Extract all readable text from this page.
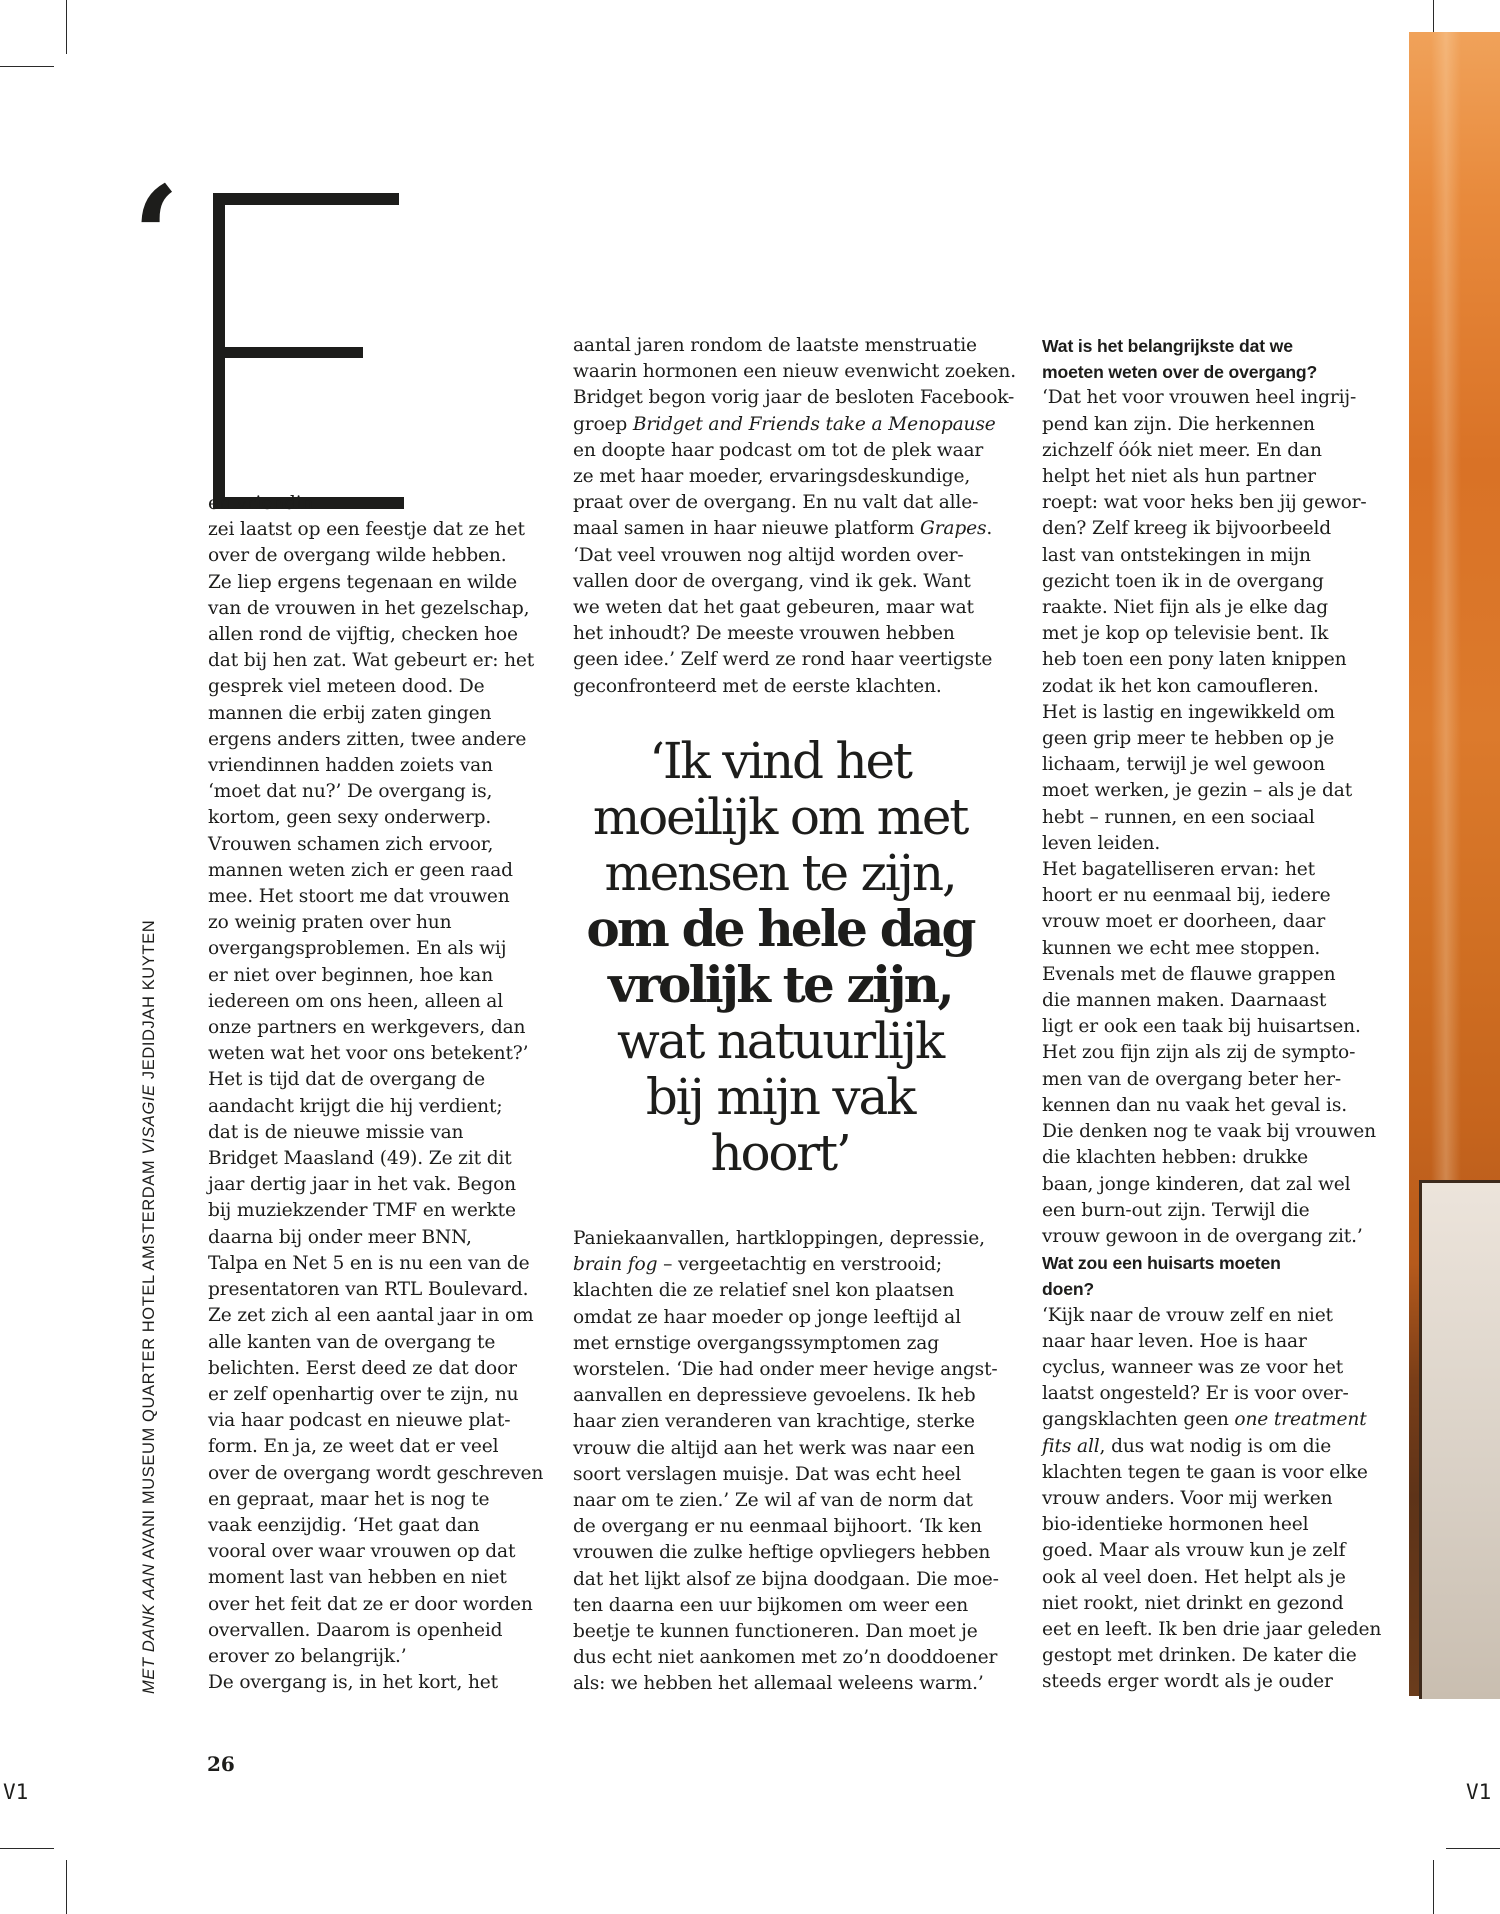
MET DANK AAN AVANI MUSEUM QUARTER HOTEL AMSTERDAM VISAGIE JEDIDJAH KUYTEN
‘

en vriendin

zei laatst op een feestje dat ze het

over de overgang wilde hebben.

Ze liep ergens tegenaan en wilde

van de vrouwen in het gezelschap,

allen rond de vijftig, checken hoe

dat bij hen zat. Wat gebeurt er: het

gesprek viel meteen dood. De

mannen die erbij zaten gingen

ergens anders zitten, twee andere

vriendinnen hadden zoiets van

‘moet dat nu?’ De overgang is,

kortom, geen sexy onderwerp.

Vrouwen schamen zich ervoor,

mannen weten zich er geen raad

mee. Het stoort me dat vrouwen

zo weinig praten over hun

overgangsproblemen. En als wij

er niet over beginnen, hoe kan

iedereen om ons heen, alleen al

onze partners en werkgevers, dan

weten wat het voor ons betekent?’

Het is tijd dat de overgang de

aandacht krijgt die hij verdient;

dat is de nieuwe missie van

Bridget Maasland (49). Ze zit dit

jaar dertig jaar in het vak. Begon

bij muziekzender TMF en werkte

daarna bij onder meer BNN,

Talpa en Net 5 en is nu een van de

presentatoren van RTL Boulevard.

Ze zet zich al een aantal jaar in om

alle kanten van de overgang te

belichten. Eerst deed ze dat door

er zelf openhartig over te zijn, nu

via haar podcast en nieuwe plat-

form. En ja, ze weet dat er veel

over de overgang wordt geschreven

en gepraat, maar het is nog te

vaak eenzijdig. ‘Het gaat dan

vooral over waar vrouwen op dat

moment last van hebben en niet

over het feit dat ze er door worden

overvallen. Daarom is openheid

erover zo belangrijk.’

De overgang is, in het kort, het

aantal jaren rondom de laatste menstruatie

waarin hormonen een nieuw evenwicht zoeken.

Bridget begon vorig jaar de besloten Facebook-

groep Bridget and Friends take a Menopause

en doopte haar podcast om tot de plek waar

ze met haar moeder, ervaringsdeskundige,

praat over de overgang. En nu valt dat alle-

maal samen in haar nieuwe platform Grapes.

‘Dat veel vrouwen nog altijd worden over-

vallen door de overgang, vind ik gek. Want

we weten dat het gaat gebeuren, maar wat

het inhoudt? De meeste vrouwen hebben

geen idee.’ Zelf werd ze rond haar veertigste

geconfronteerd met de eerste klachten.

‘Ik vind het

moeilijk om met

mensen te zijn,

om de hele dag

vrolijk te zijn,

wat natuurlijk

bij mijn vak

hoort’

Paniekaanvallen, hartkloppingen, depressie,

brain fog – vergeetachtig en verstrooid;

klachten die ze relatief snel kon plaatsen

omdat ze haar moeder op jonge leeftijd al

met ernstige overgangssymptomen zag

worstelen. ‘Die had onder meer hevige angst-

aanvallen en depressieve gevoelens. Ik heb

haar zien veranderen van krachtige, sterke

vrouw die altijd aan het werk was naar een

soort verslagen muisje. Dat was echt heel

naar om te zien.’ Ze wil af van de norm dat

de overgang er nu eenmaal bijhoort. ‘Ik ken

vrouwen die zulke heftige opvliegers hebben

dat het lijkt alsof ze bijna doodgaan. Die moe-

ten daarna een uur bijkomen om weer een

beetje te kunnen functioneren. Dan moet je

dus echt niet aankomen met zo’n dooddoener

als: we hebben het allemaal weleens warm.’

Wat is het belangrijkste dat we

moeten weten over de overgang?

‘Dat het voor vrouwen heel ingrij-

pend kan zijn. Die herkennen

zichzelf óók niet meer. En dan

helpt het niet als hun partner

roept: wat voor heks ben jij gewor-

den? Zelf kreeg ik bijvoorbeeld

last van ontstekingen in mijn

gezicht toen ik in de overgang

raakte. Niet fijn als je elke dag

met je kop op televisie bent. Ik

heb toen een pony laten knippen

zodat ik het kon camoufleren.

Het is lastig en ingewikkeld om

geen grip meer te hebben op je

lichaam, terwijl je wel gewoon

moet werken, je gezin – als je dat

hebt – runnen, en een sociaal

leven leiden.

Het bagatelliseren ervan: het

hoort er nu eenmaal bij, iedere

vrouw moet er doorheen, daar

kunnen we echt mee stoppen.

Evenals met de flauwe grappen

die mannen maken. Daarnaast

ligt er ook een taak bij huisartsen.

Het zou fijn zijn als zij de sympto-

men van de overgang beter her-

kennen dan nu vaak het geval is.

Die denken nog te vaak bij vrouwen

die klachten hebben: drukke

baan, jonge kinderen, dat zal wel

een burn-out zijn. Terwijl die

vrouw gewoon in de overgang zit.’

Wat zou een huisarts moeten

doen?

‘Kijk naar de vrouw zelf en niet

naar haar leven. Hoe is haar

cyclus, wanneer was ze voor het

laatst ongesteld? Er is voor over-

gangsklachten geen one treatment

fits all, dus wat nodig is om die

klachten tegen te gaan is voor elke

vrouw anders. Voor mij werken

bio-identieke hormonen heel

goed. Maar als vrouw kun je zelf

ook al veel doen. Het helpt als je

niet rookt, niet drinkt en gezond

eet en leeft. Ik ben drie jaar geleden

gestopt met drinken. De kater die

steeds erger wordt als je ouder

26
V1	V1
